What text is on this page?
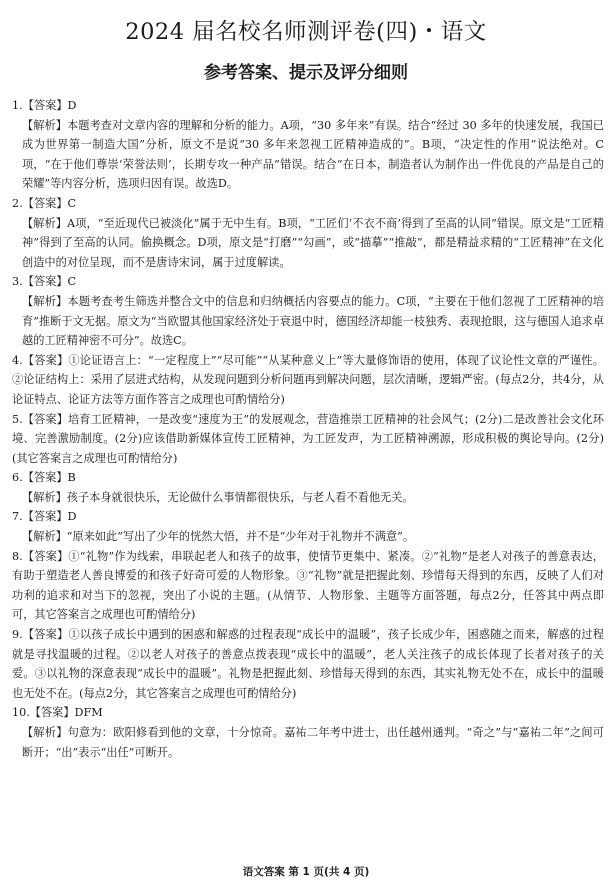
2024 届名校名师测评卷(四)・语文
参考答案、提示及评分细则
1.【答案】D
【解析】本题考查对文章内容的理解和分析的能力。A项，“30 多年来”有误。结合“经过 30 多年的快速发展，我国已成为世界第一制造大国”分析，原文不是说“30 多年来忽视工匠精神造成的”。B项，“决定性的作用”说法绝对。C项，“在于他们尊崇‘荣誉法则’，长期专攻一种产品”错误。结合“在日本，制造者认为制作出一件优良的产品是自己的荣耀”等内容分析，选项归因有误。故选D。
2.【答案】C
【解析】A项，“至近现代已被淡化”属于无中生有。B项，“工匠们‘不衣不商’得到了至高的认同”错误。原文是“工匠精神”得到了至高的认同。偷换概念。D项，原文是“打磨”“勾画”，或“描摹”“推敲”，都是精益求精的“工匠精神”在文化创造中的对位呈现，而不是唐诗宋词，属于过度解读。
3.【答案】C
【解析】本题考查考生筛选并整合文中的信息和归纳概括内容要点的能力。C项，“主要在于他们忽视了工匠精神的培育”推断于文无据。原文为“当欧盟其他国家经济处于衰退中时，德国经济却能一枝独秀、表现抢眼，这与德国人追求卓越的工匠精神密不可分”。故选C。
4.【答案】①论证语言上：“一定程度上”“尽可能”“从某种意义上”等大量修饰语的使用，体现了议论性文章的严谨性。②论证结构上：采用了层进式结构，从发现问题到分析问题再到解决问题，层次清晰，逻辑严密。(每点2分，共4分，从论证特点、论证方法等方面作答言之成理也可酌情给分)
5.【答案】培育工匠精神，一是改变“速度为王”的发展观念，营造推崇工匠精神的社会风气；(2分)二是改善社会文化环境、完善激励制度。(2分)应该借助新媒体宣传工匠精神，为工匠发声，为工匠精神溯源，形成积极的舆论导向。(2分)(其它答案言之成理也可酌情给分)
6.【答案】B
【解析】孩子本身就很快乐，无论做什么事情都很快乐，与老人看不看他无关。
7.【答案】D
【解析】“原来如此”写出了少年的恍然大悟，并不是“少年对于礼物并不满意”。
8.【答案】①“礼物”作为线索，串联起老人和孩子的故事，使情节更集中、紧凑。②“礼物”是老人对孩子的善意表达，有助于塑造老人善良博爱的和孩子好奇可爱的人物形象。③“礼物”就是把握此刻、珍惜每天得到的东西，反映了人们对功利的追求和对当下的忽视，突出了小说的主题。(从情节、人物形象、主题等方面答题，每点2分，任答其中两点即可，其它答案言之成理也可酌情给分)
9.【答案】①以孩子成长中遇到的困惑和解惑的过程表现“成长中的温暖”，孩子长成少年，困惑随之而来，解惑的过程就是寻找温暖的过程。②以老人对孩子的善意点拨表现“成长中的温暖”，老人关注孩子的成长体现了长者对孩子的关爱。③以礼物的深意表现“成长中的温暖”。礼物是把握此刻、珍惜每天得到的东西，其实礼物无处不在，成长中的温暖也无处不在。(每点2分，其它答案言之成理也可酌情给分)
10.【答案】DFM
【解析】句意为：欧阳修看到他的文章，十分惊奇。嘉祐二年考中进士，出任越州通判。“奇之”与“嘉祐二年”之间可断开；“出”表示“出任”可断开。
语文答案 第 1 页(共 4 页)
